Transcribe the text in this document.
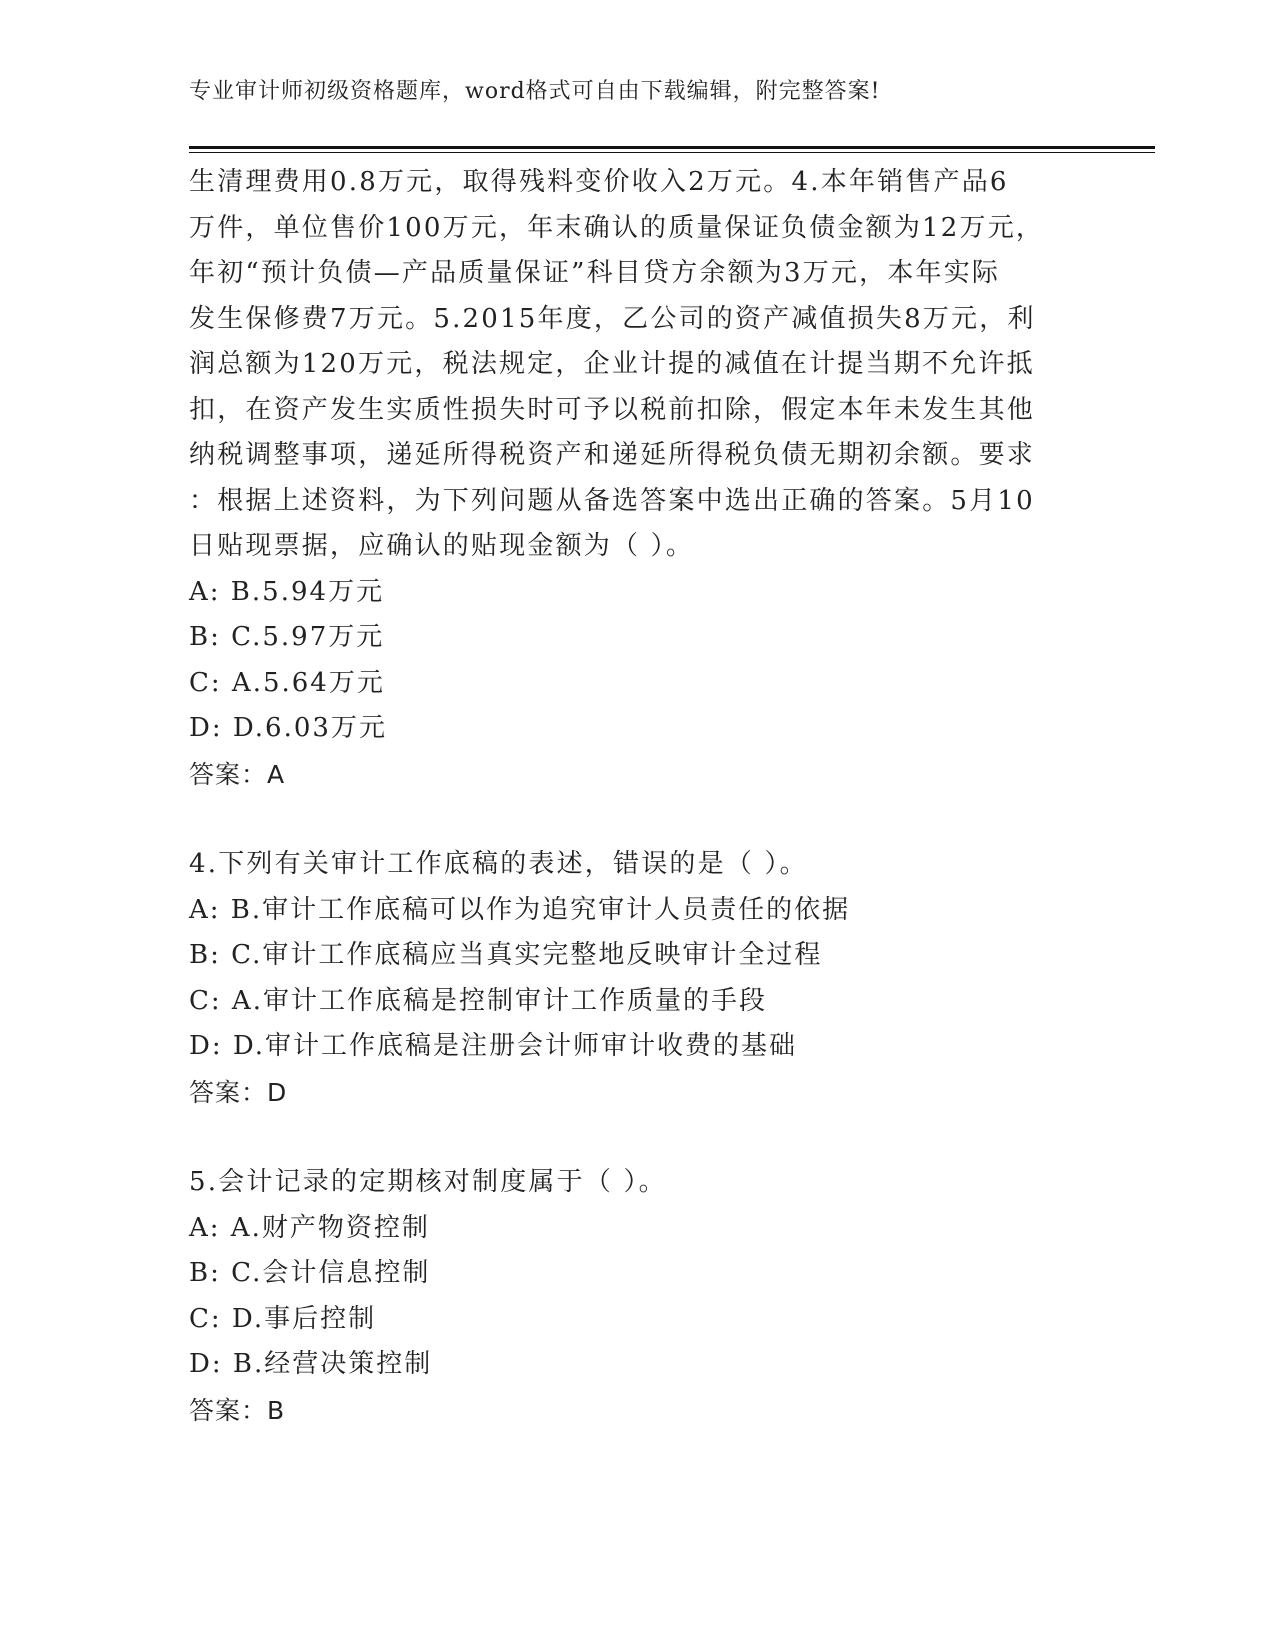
专业审计师初级资格题库，word格式可自由下载编辑，附完整答案!

生清理费用0.8万元，取得残料变价收入2万元。4.本年销售产品6

万件，单位售价100万元，年末确认的质量保证负债金额为12万元，

年初“预计负债—产品质量保证”科目贷方余额为3万元，本年实际

发生保修费7万元。5.2015年度，乙公司的资产减值损失8万元，利

润总额为120万元，税法规定，企业计提的减值在计提当期不允许抵

扣，在资产发生实质性损失时可予以税前扣除，假定本年未发生其他

纳税调整事项，递延所得税资产和递延所得税负债无期初余额。要求

：根据上述资料，为下列问题从备选答案中选出正确的答案。5月10

日贴现票据，应确认的贴现金额为（ ）。

A: B.5.94万元
B: C.5.97万元
C: A.5.64万元
D: D.6.03万元
答案：A
4.下列有关审计工作底稿的表述，错误的是（ ）。
A: B.审计工作底稿可以作为追究审计人员责任的依据
B: C.审计工作底稿应当真实完整地反映审计全过程
C: A.审计工作底稿是控制审计工作质量的手段
D: D.审计工作底稿是注册会计师审计收费的基础
答案：D
5.会计记录的定期核对制度属于（ ）。
A: A.财产物资控制
B: C.会计信息控制
C: D.事后控制
D: B.经营决策控制
答案：B
